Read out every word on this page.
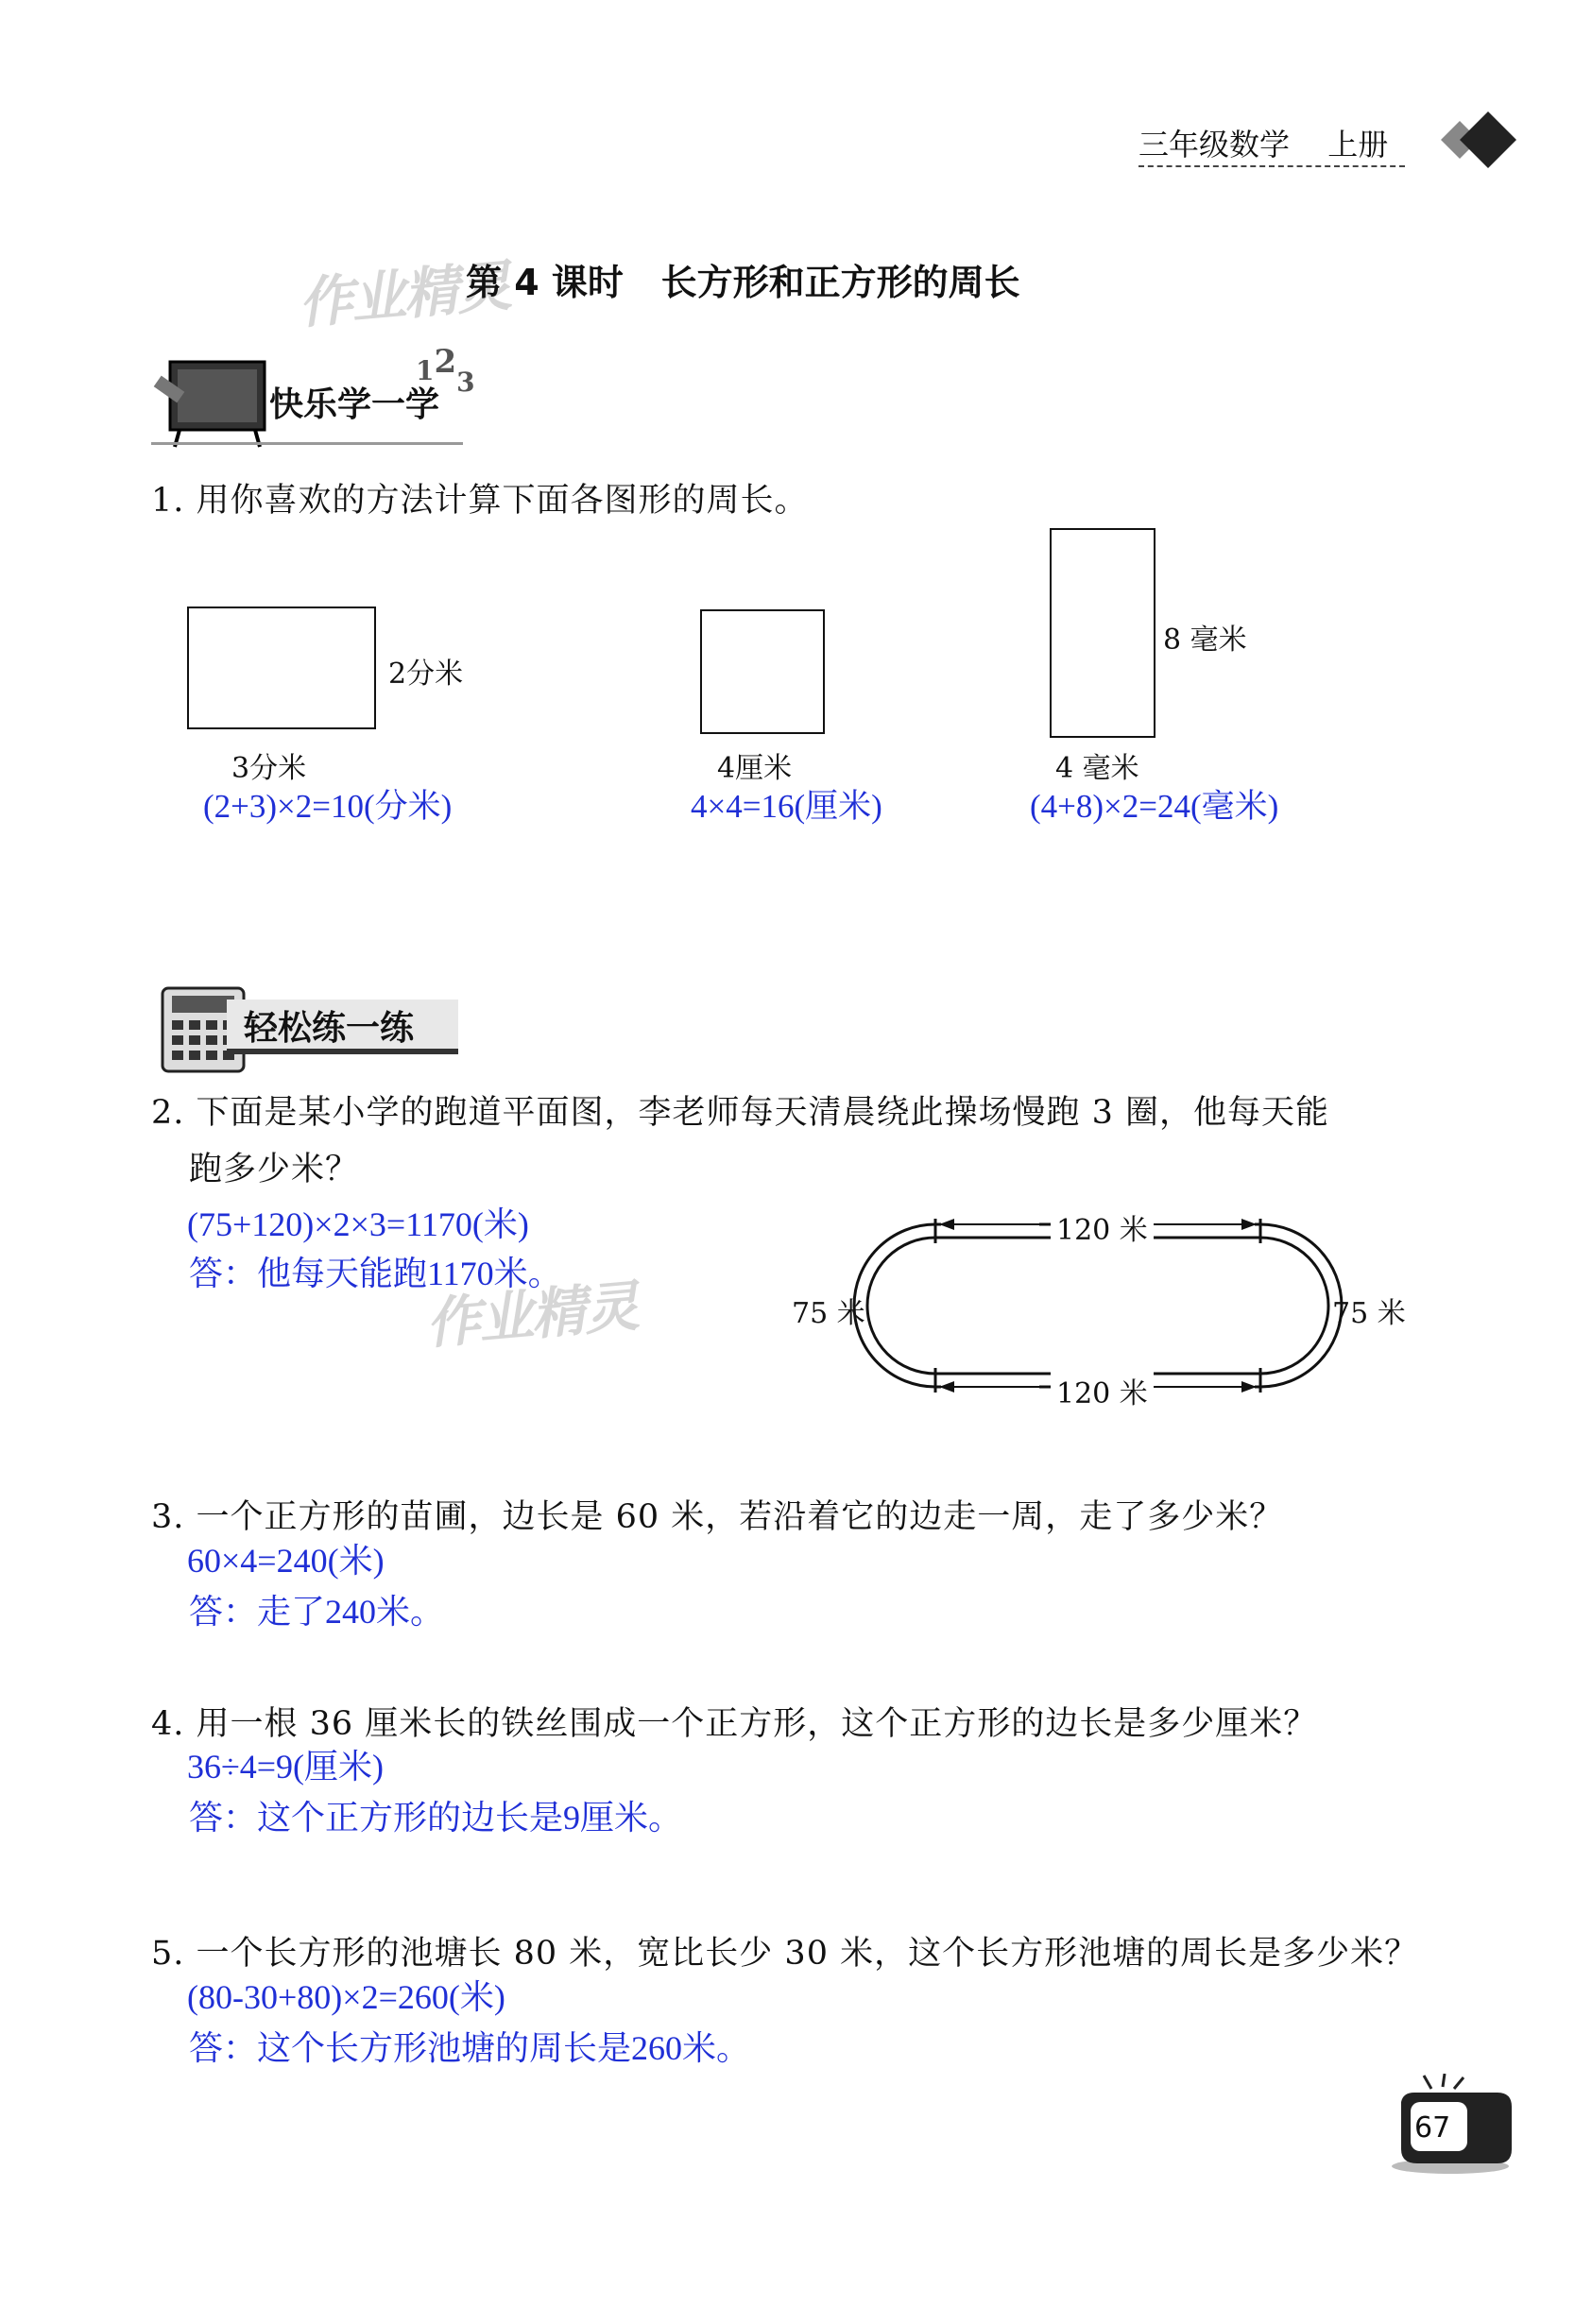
三年级数学 上册
作业精灵
第 4 课时   长方形和正方形的周长
快乐学一学
123
1. 用你喜欢的方法计算下面各图形的周长。
2分米
3分米
(2+3)×2=10(分米)
4厘米
4×4=16(厘米)
8 毫米
4 毫米
(4+8)×2=24(毫米)
轻松练一练
2. 下面是某小学的跑道平面图，李老师每天清晨绕此操场慢跑 3 圈，他每天能
跑多少米？
(75+120)×2×3=1170(米)
答：他每天能跑1170米。
作业精灵
120 米
120 米
75 米	75 米
3. 一个正方形的苗圃，边长是 60 米，若沿着它的边走一周，走了多少米？
60×4=240(米)
答：走了240米。
4. 用一根 36 厘米长的铁丝围成一个正方形，这个正方形的边长是多少厘米？
36÷4=9(厘米)
答：这个正方形的边长是9厘米。
5. 一个长方形的池塘长 80 米，宽比长少 30 米，这个长方形池塘的周长是多少米？
(80-30+80)×2=260(米)
答：这个长方形池塘的周长是260米。
67
